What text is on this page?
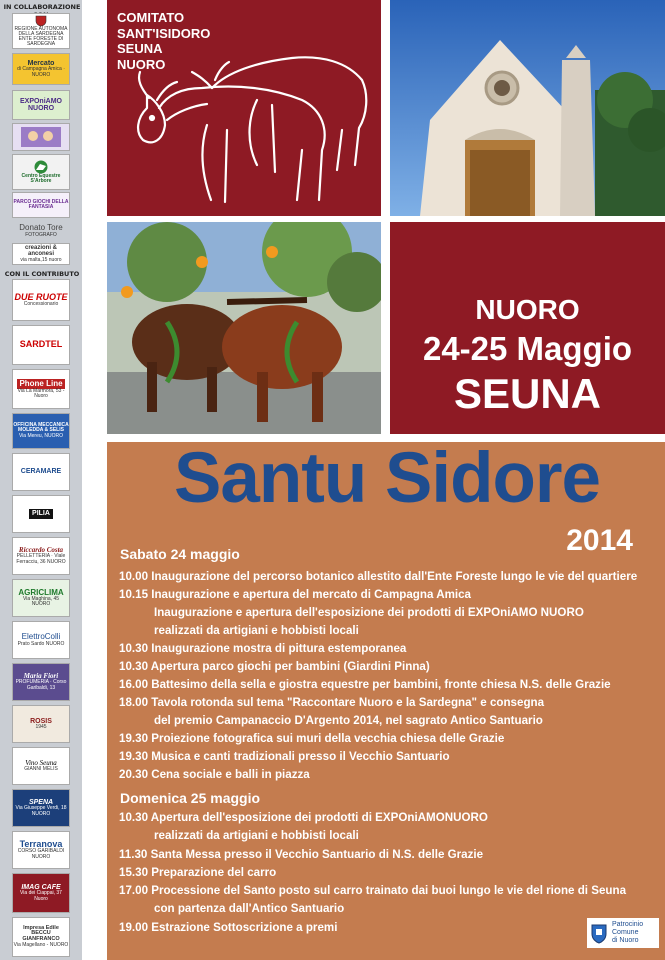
IN COLLABORAZIONE
REGIONE AUTONOMA DELLA SARDEGNA
ENTE FORESTE DI SARDEGNA
Mercato
di Campagna Amica · NUORO
EXPOniAMO NUORO
Centro Equestre S'Arbore
PARCO GIOCHI DELLA FANTASIA
Donato Tore
FOTOGRAFO
creazioni & anconesi
via malta,15 nuoro
CON IL CONTRIBUTO
DUE RUOTE
Concessionario
SARDTEL
Phone Line
Via La Marmora, 53 - Nuoro
OFFICINA MECCANICA MOLEDDA & SELIS
Via Mereu, NUORO
CERAMARE
PILIA
Riccardo Costa
PELLETTERIA · Viale Ferracciu, 36 NUORO
AGRICLIMA
Via Maghina, 45 NUORO
ElettroColli
Prato Sardo NUORO
Maria Fiori
PROFUMERIA · Corso Garibaldi, 13
ROSIS
1945
Vino Seuna
GIANNI MELIS
SPENA
Via Giuseppe Verdi, 18 NUORO
Terranova
CORSO GARIBALDI NUORO
IMAG CAFE
Via dei Ciappai, 37 Nuoro
Impresa Edile BECCU GIANFRANCO
Via Magellano - NUORO
COMITATO
SANT'ISIDORO
SEUNA
NUORO
NUORO
24-25 Maggio
SEUNA
Santu Sidore
2014
Sabato 24 maggio
10.00 Inaugurazione del percorso botanico allestito dall'Ente Foreste lungo le vie del quartiere
10.15 Inaugurazione e apertura del mercato di Campagna Amica
Inaugurazione e apertura dell'esposizione dei prodotti di EXPOniAMO NUORO
realizzati da artigiani e hobbisti locali
10.30 Inaugurazione mostra di pittura estemporanea
10.30 Apertura parco giochi per bambini (Giardini Pinna)
16.00 Battesimo della sella e giostra equestre per bambini, fronte chiesa N.S. delle Grazie
18.00 Tavola rotonda sul tema "Raccontare Nuoro e la Sardegna" e consegna
del premio Campanaccio D'Argento 2014, nel sagrato Antico Santuario
19.30 Proiezione fotografica sui muri della vecchia chiesa delle Grazie
19.30 Musica e canti tradizionali presso il Vecchio Santuario
20.30 Cena sociale e balli in piazza
Domenica 25 maggio
10.30 Apertura dell'esposizione dei prodotti di EXPOniAMONUORO
realizzati da artigiani e hobbisti locali
11.30 Santa Messa presso il Vecchio Santuario di N.S. delle Grazie
15.30 Preparazione del carro
17.00 Processione del Santo posto sul carro trainato dai buoi lungo le vie del rione di Seuna
con partenza dall'Antico Santuario
19.00 Estrazione Sottoscrizione a premi	Patrocinio
Comune
di Nuoro
